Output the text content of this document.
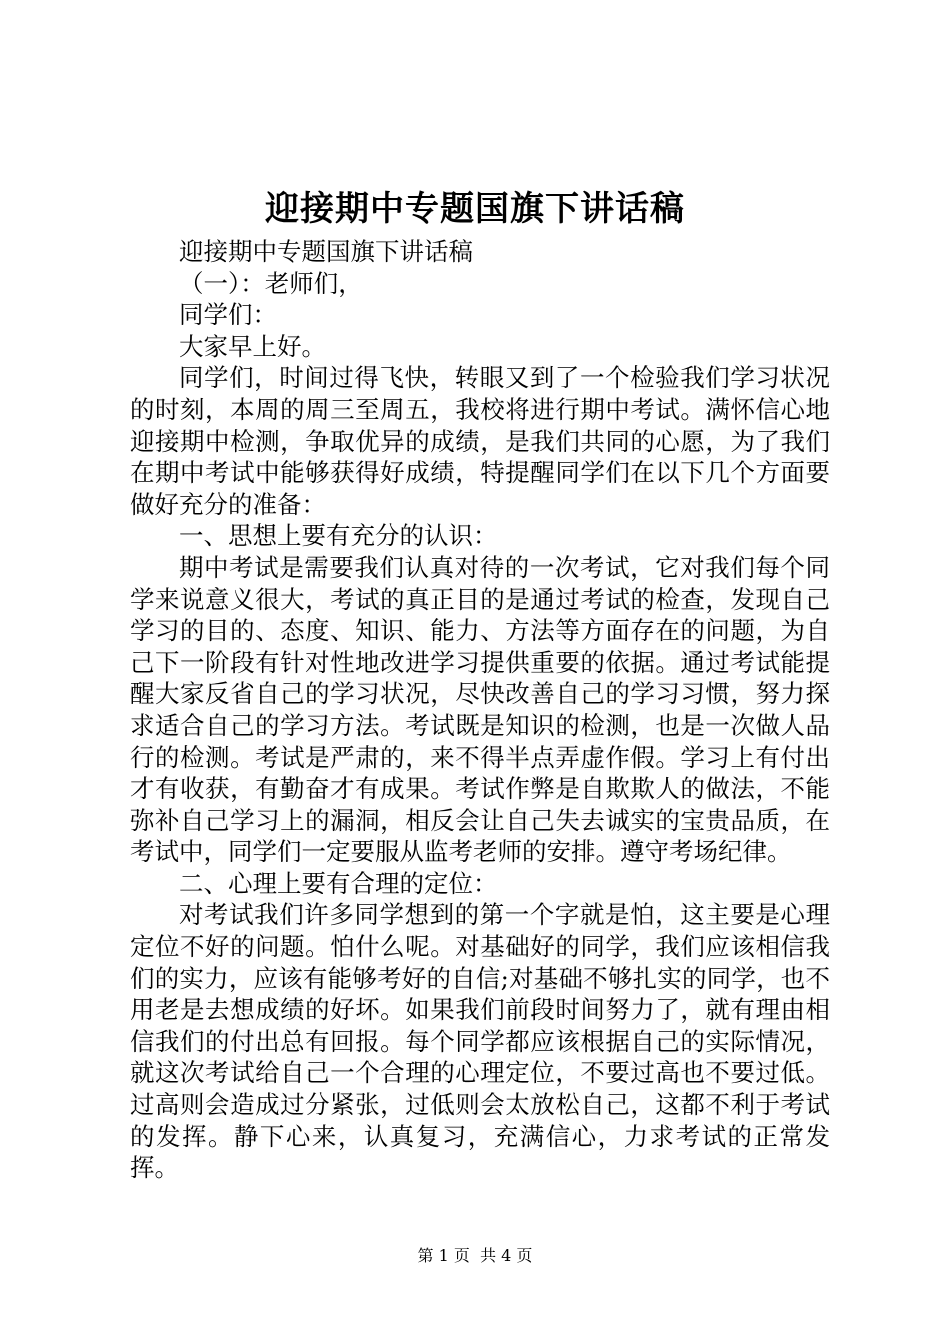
迎接期中专题国旗下讲话稿

迎接期中专题国旗下讲话稿

（一）：老师们，

同学们：

大家早上好。

同学们，时间过得飞快，转眼又到了一个检验我们学习状况的时刻，本周的周三至周五，我校将进行期中考试。满怀信心地迎接期中检测，争取优异的成绩，是我们共同的心愿，为了我们在期中考试中能够获得好成绩，特提醒同学们在以下几个方面要做好充分的准备：

一、思想上要有充分的认识：

期中考试是需要我们认真对待的一次考试，它对我们每个同学来说意义很大，考试的真正目的是通过考试的检查，发现自己学习的目的、态度、知识、能力、方法等方面存在的问题，为自己下一阶段有针对性地改进学习提供重要的依据。通过考试能提醒大家反省自己的学习状况，尽快改善自己的学习习惯，努力探求适合自己的学习方法。考试既是知识的检测，也是一次做人品行的检测。考试是严肃的，来不得半点弄虚作假。学习上有付出才有收获，有勤奋才有成果。考试作弊是自欺欺人的做法，不能弥补自己学习上的漏洞，相反会让自己失去诚实的宝贵品质，在考试中，同学们一定要服从监考老师的安排。遵守考场纪律。

二、心理上要有合理的定位：

对考试我们许多同学想到的第一个字就是怕，这主要是心理定位不好的问题。怕什么呢。对基础好的同学，我们应该相信我们的实力，应该有能够考好的自信;对基础不够扎实的同学，也不用老是去想成绩的好坏。如果我们前段时间努力了，就有理由相信我们的付出总有回报。每个同学都应该根据自己的实际情况，就这次考试给自己一个合理的心理定位，不要过高也不要过低。过高则会造成过分紧张，过低则会太放松自己，这都不利于考试的发挥。静下心来，认真复习，充满信心，力求考试的正常发挥。

第 1 页  共 4 页
